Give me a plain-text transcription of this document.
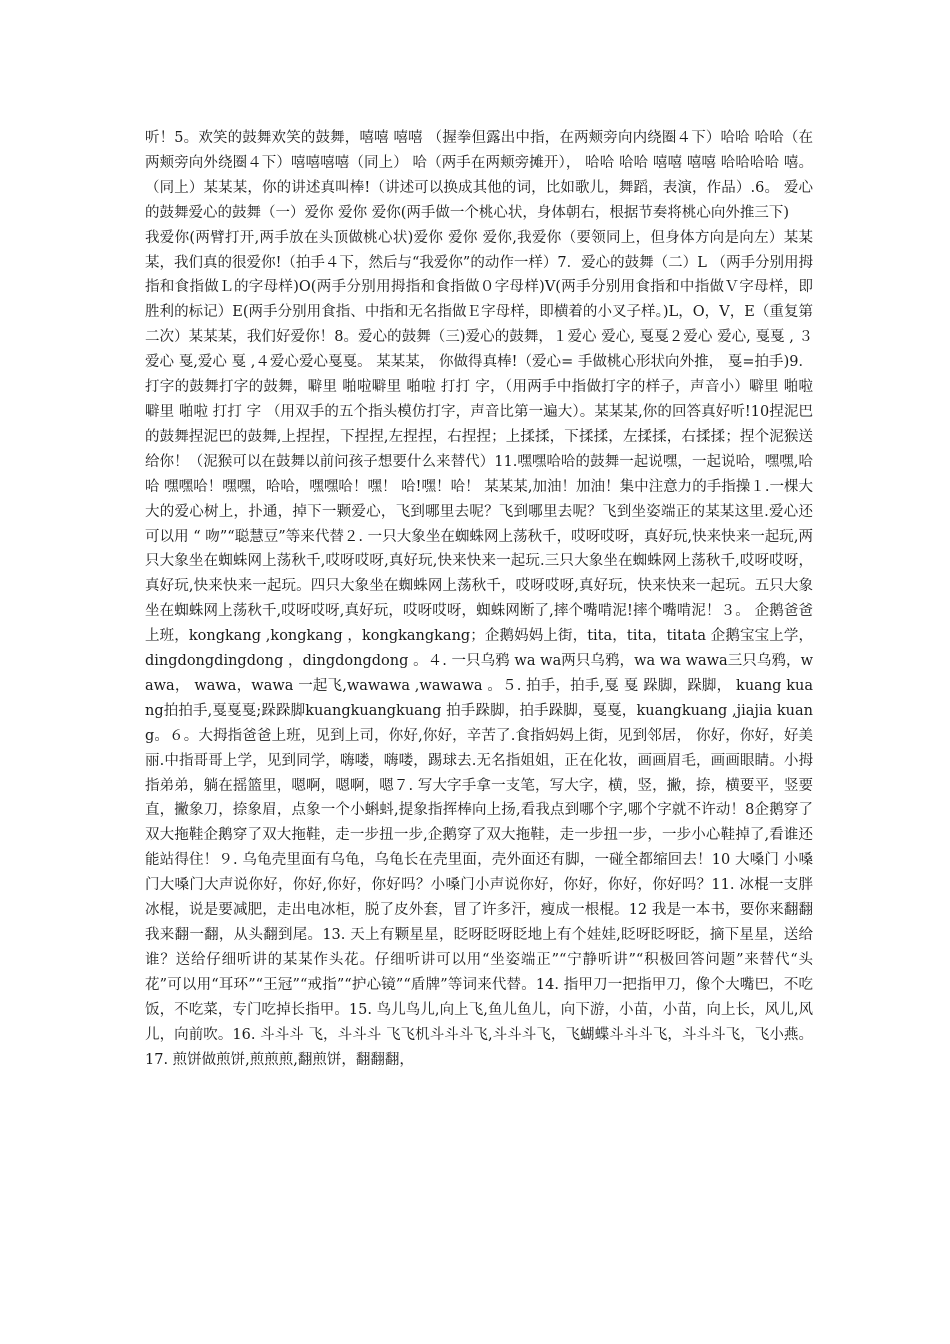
听！5。欢笑的鼓舞欢笑的鼓舞，嘻嘻 嘻嘻 （握拳但露出中指，在两颊旁向内绕圈４下）哈哈 哈哈（在两颊旁向外绕圈４下）嘻嘻嘻嘻（同上） 哈（两手在两颊旁摊开）， 哈哈 哈哈 嘻嘻 嘻嘻 哈哈哈哈 嘻。（同上）某某某，你的讲述真叫棒!（讲述可以换成其他的词，比如歌儿，舞蹈，表演，作品）.6。 爱心的鼓舞爱心的鼓舞（一）爱你 爱你 爱你(两手做一个桃心状，身体朝右，根据节奏将桃心向外推三下)

我爱你(两臂打开,两手放在头顶做桃心状)爱你 爱你 爱你,我爱你（要领同上，但身体方向是向左）某某某，我们真的很爱你!（拍手４下，然后与“我爱你”的动作一样）7．爱心的鼓舞（二）L （两手分别用拇指和食指做Ｌ的字母样)O(两手分别用拇指和食指做０字母样)V(两手分别用食指和中指做Ｖ字母样，即胜利的标记）E(两手分别用食指、中指和无名指做Ｅ字母样，即横着的小叉子样。)L，O，V，E（重复第二次）某某某，我们好爱你！8。爱心的鼓舞（三)爱心的鼓舞，１爱心 爱心, 戛戛２爱心 爱心, 戛戛 , ３爱心 戛,爱心 戛 ,４爱心爱心戛戛。 某某某， 你做得真棒!（爱心= 手做桃心形状向外推， 戛=拍手)9．打字的鼓舞打字的鼓舞，噼里 啪啦噼里 啪啦 打打 字，（用两手中指做打字的样子，声音小）噼里 啪啦噼里 啪啦 打打 字 （用双手的五个指头模仿打字，声音比第一遍大）。某某某,你的回答真好听!10捏泥巴的鼓舞捏泥巴的鼓舞,上捏捏，下捏捏,左捏捏，右捏捏；上揉揉，下揉揉，左揉揉，右揉揉；捏个泥猴送给你！（泥猴可以在鼓舞以前问孩子想要什么来替代）11.嘿嘿哈哈的鼓舞一起说嘿，一起说哈，嘿嘿,哈哈 嘿嘿哈！嘿嘿，哈哈，嘿嘿哈！嘿！ 哈!嘿！哈！ 某某某,加油！加油！集中注意力的手指操１.一棵大大的爱心树上，扑通，掉下一颗爱心，飞到哪里去呢？飞到哪里去呢？飞到坐姿端正的某某这里.爱心还可以用 “ 吻”“聪慧豆”等来代替２. 一只大象坐在蜘蛛网上荡秋千，哎呀哎呀，真好玩,快来快来一起玩,两只大象坐在蜘蛛网上荡秋千,哎呀哎呀,真好玩,快来快来一起玩.三只大象坐在蜘蛛网上荡秋千,哎呀哎呀，真好玩,快来快来一起玩。四只大象坐在蜘蛛网上荡秋千，哎呀哎呀,真好玩，快来快来一起玩。五只大象坐在蜘蛛网上荡秋千,哎呀哎呀,真好玩，哎呀哎呀，蜘蛛网断了,摔个嘴啃泥!摔个嘴啃泥！３。 企鹅爸爸上班，kongkang ,kongkang ，kongkangkang；企鹅妈妈上街，tita，tita，titata 企鹅宝宝上学，dingdongdingdong ，dingdongdong 。４. 一只乌鸦 wa wa两只乌鸦，wa wa wawa三只乌鸦，wawa， wawa，wawa 一起飞,wawawa ,wawawa 。５. 拍手，拍手,戛 戛 跺脚，跺脚， kuang kuang拍拍手,戛戛戛;跺跺脚kuangkuangkuang 拍手跺脚，拍手跺脚，戛戛，kuangkuang ,jiajia kuang。６。大拇指爸爸上班，见到上司，你好,你好，辛苦了.食指妈妈上街，见到邻居， 你好，你好，好美丽.中指哥哥上学，见到同学，嗨喽，嗨喽，踢球去.无名指姐姐，正在化妆，画画眉毛，画画眼睛。小拇指弟弟，躺在摇篮里，嗯啊，嗯啊，嗯７. 写大字手拿一支笔，写大字，横，竖，撇，捺，横要平，竖要直，撇象刀，捺象眉，点象一个小蝌蚪,提象指挥棒向上扬,看我点到哪个字,哪个字就不许动！8企鹅穿了双大拖鞋企鹅穿了双大拖鞋，走一步扭一步,企鹅穿了双大拖鞋，走一步扭一步，一步小心鞋掉了,看谁还能站得住！９. 乌龟壳里面有乌龟，乌龟长在壳里面，壳外面还有脚，一碰全都缩回去！10 大嗓门 小嗓门大嗓门大声说你好，你好,你好，你好吗？小嗓门小声说你好，你好，你好，你好吗？11. 冰棍一支胖冰棍，说是要减肥，走出电冰柜，脱了皮外套，冒了许多汗，瘦成一根棍。12 我是一本书，要你来翻翻 我来翻一翻，从头翻到尾。13. 天上有颗星星，眨呀眨呀眨地上有个娃娃,眨呀眨呀眨，摘下星星，送给谁？送给仔细听讲的某某作头花。仔细听讲可以用“坐姿端正”“宁静听讲”“积极回答问题”来替代“头花”可以用“耳环”“王冠”“戒指”“护心镜”“盾牌”等词来代替。14. 指甲刀一把指甲刀，像个大嘴巴，不吃饭，不吃菜，专门吃掉长指甲。15. 鸟儿鸟儿,向上飞,鱼儿鱼儿，向下游，小苗，小苗，向上长，风儿,风儿，向前吹。16. 斗斗斗 飞，斗斗斗 飞飞机斗斗斗飞,斗斗斗飞，飞蝴蝶斗斗斗飞，斗斗斗飞，飞小燕。17. 煎饼做煎饼,煎煎煎,翻煎饼，翻翻翻，
